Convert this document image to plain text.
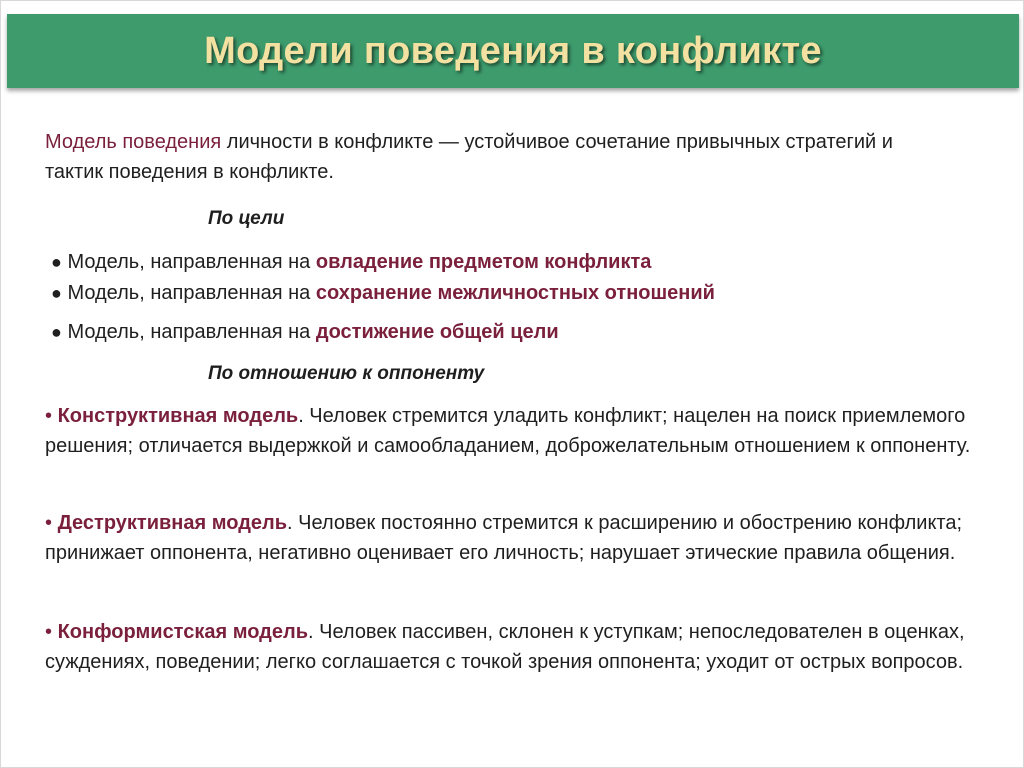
Модели поведения в конфликте
Модель поведения личности в конфликте — устойчивое сочетание привычных стратегий и тактик поведения в конфликте.
По цели
● Модель, направленная на овладение предметом конфликта
● Модель, направленная на сохранение межличностных отношений
● Модель, направленная на достижение общей цели
По отношению к оппоненту
• Конструктивная модель. Человек стремится уладить конфликт; нацелен на поиск приемлемого решения; отличается выдержкой и самообладанием, доброжелательным отношением к оппоненту.
• Деструктивная модель. Человек постоянно стремится к расширению и обострению конфликта; принижает оппонента, негативно оценивает его личность; нарушает этические правила общения.
• Конформистская модель. Человек пассивен, склонен к уступкам; непоследователен в оценках, суждениях, поведении; легко соглашается с точкой зрения оппонента; уходит от острых вопросов.
